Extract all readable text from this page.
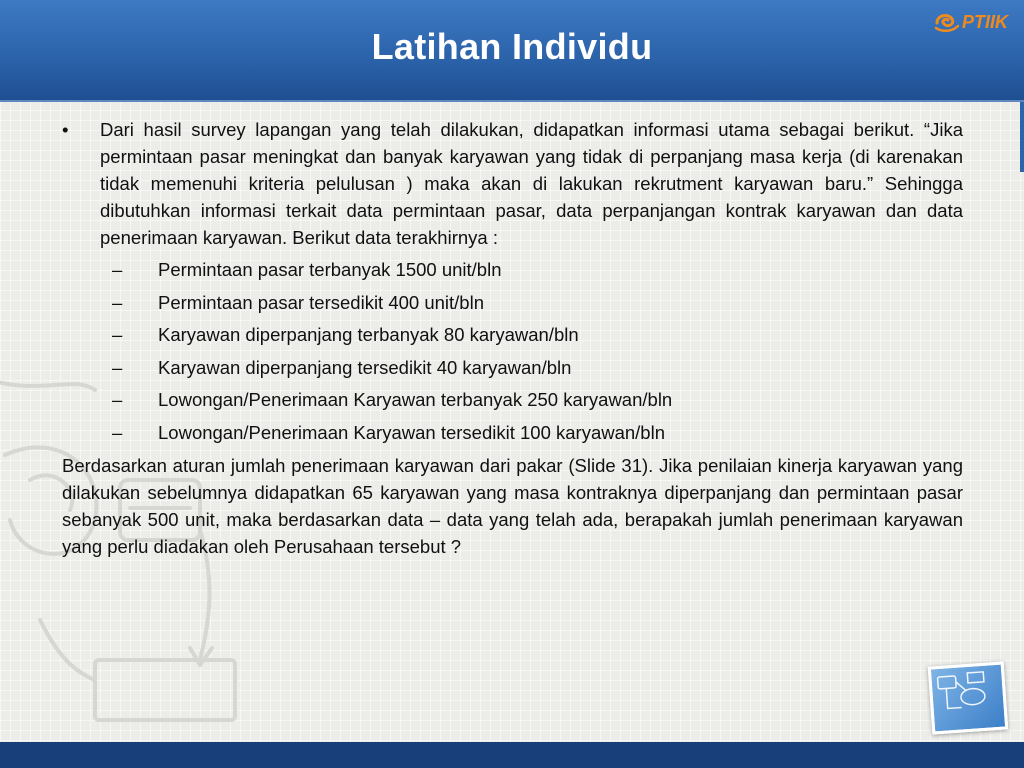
Latihan Individu
PTIIK
•	Dari hasil survey lapangan yang telah dilakukan, didapatkan informasi utama sebagai berikut. “Jika permintaan pasar meningkat dan banyak karyawan yang tidak di perpanjang masa kerja (di karenakan tidak memenuhi kriteria pelulusan ) maka akan di lakukan rekrutment karyawan baru.” Sehingga dibutuhkan informasi terkait data permintaan pasar, data perpanjangan kontrak karyawan dan data penerimaan karyawan. Berikut data terakhirnya :
–	Permintaan pasar terbanyak 1500 unit/bln
–	Permintaan pasar tersedikit 400 unit/bln
–	Karyawan diperpanjang terbanyak 80 karyawan/bln
–	Karyawan diperpanjang tersedikit 40 karyawan/bln
–	Lowongan/Penerimaan Karyawan terbanyak 250 karyawan/bln
–	Lowongan/Penerimaan Karyawan tersedikit 100 karyawan/bln
Berdasarkan aturan jumlah penerimaan karyawan dari pakar (Slide 31). Jika penilaian kinerja karyawan yang dilakukan sebelumnya didapatkan 65 karyawan yang masa kontraknya diperpanjang dan permintaan pasar sebanyak 500 unit, maka berdasarkan data – data yang telah ada, berapakah jumlah penerimaan karyawan yang perlu diadakan oleh Perusahaan tersebut ?
